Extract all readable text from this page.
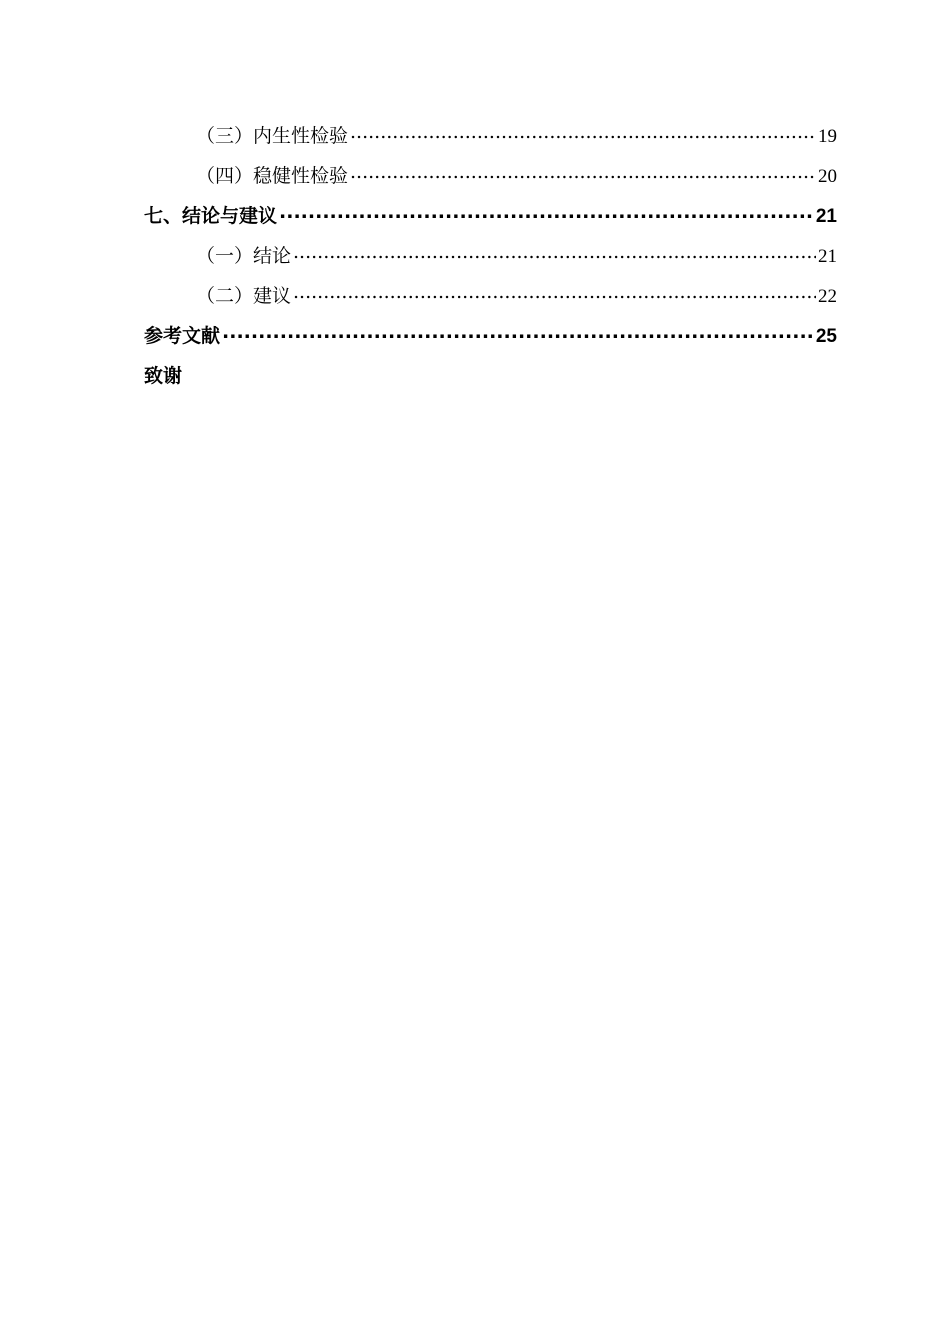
（三）内生性检验 .....	19
（四）稳健性检验 .....	20
七、结论与建议 .....	21
（一）结论 .....	21
（二）建议 .....	22
参考文献 .....	25
致谢
